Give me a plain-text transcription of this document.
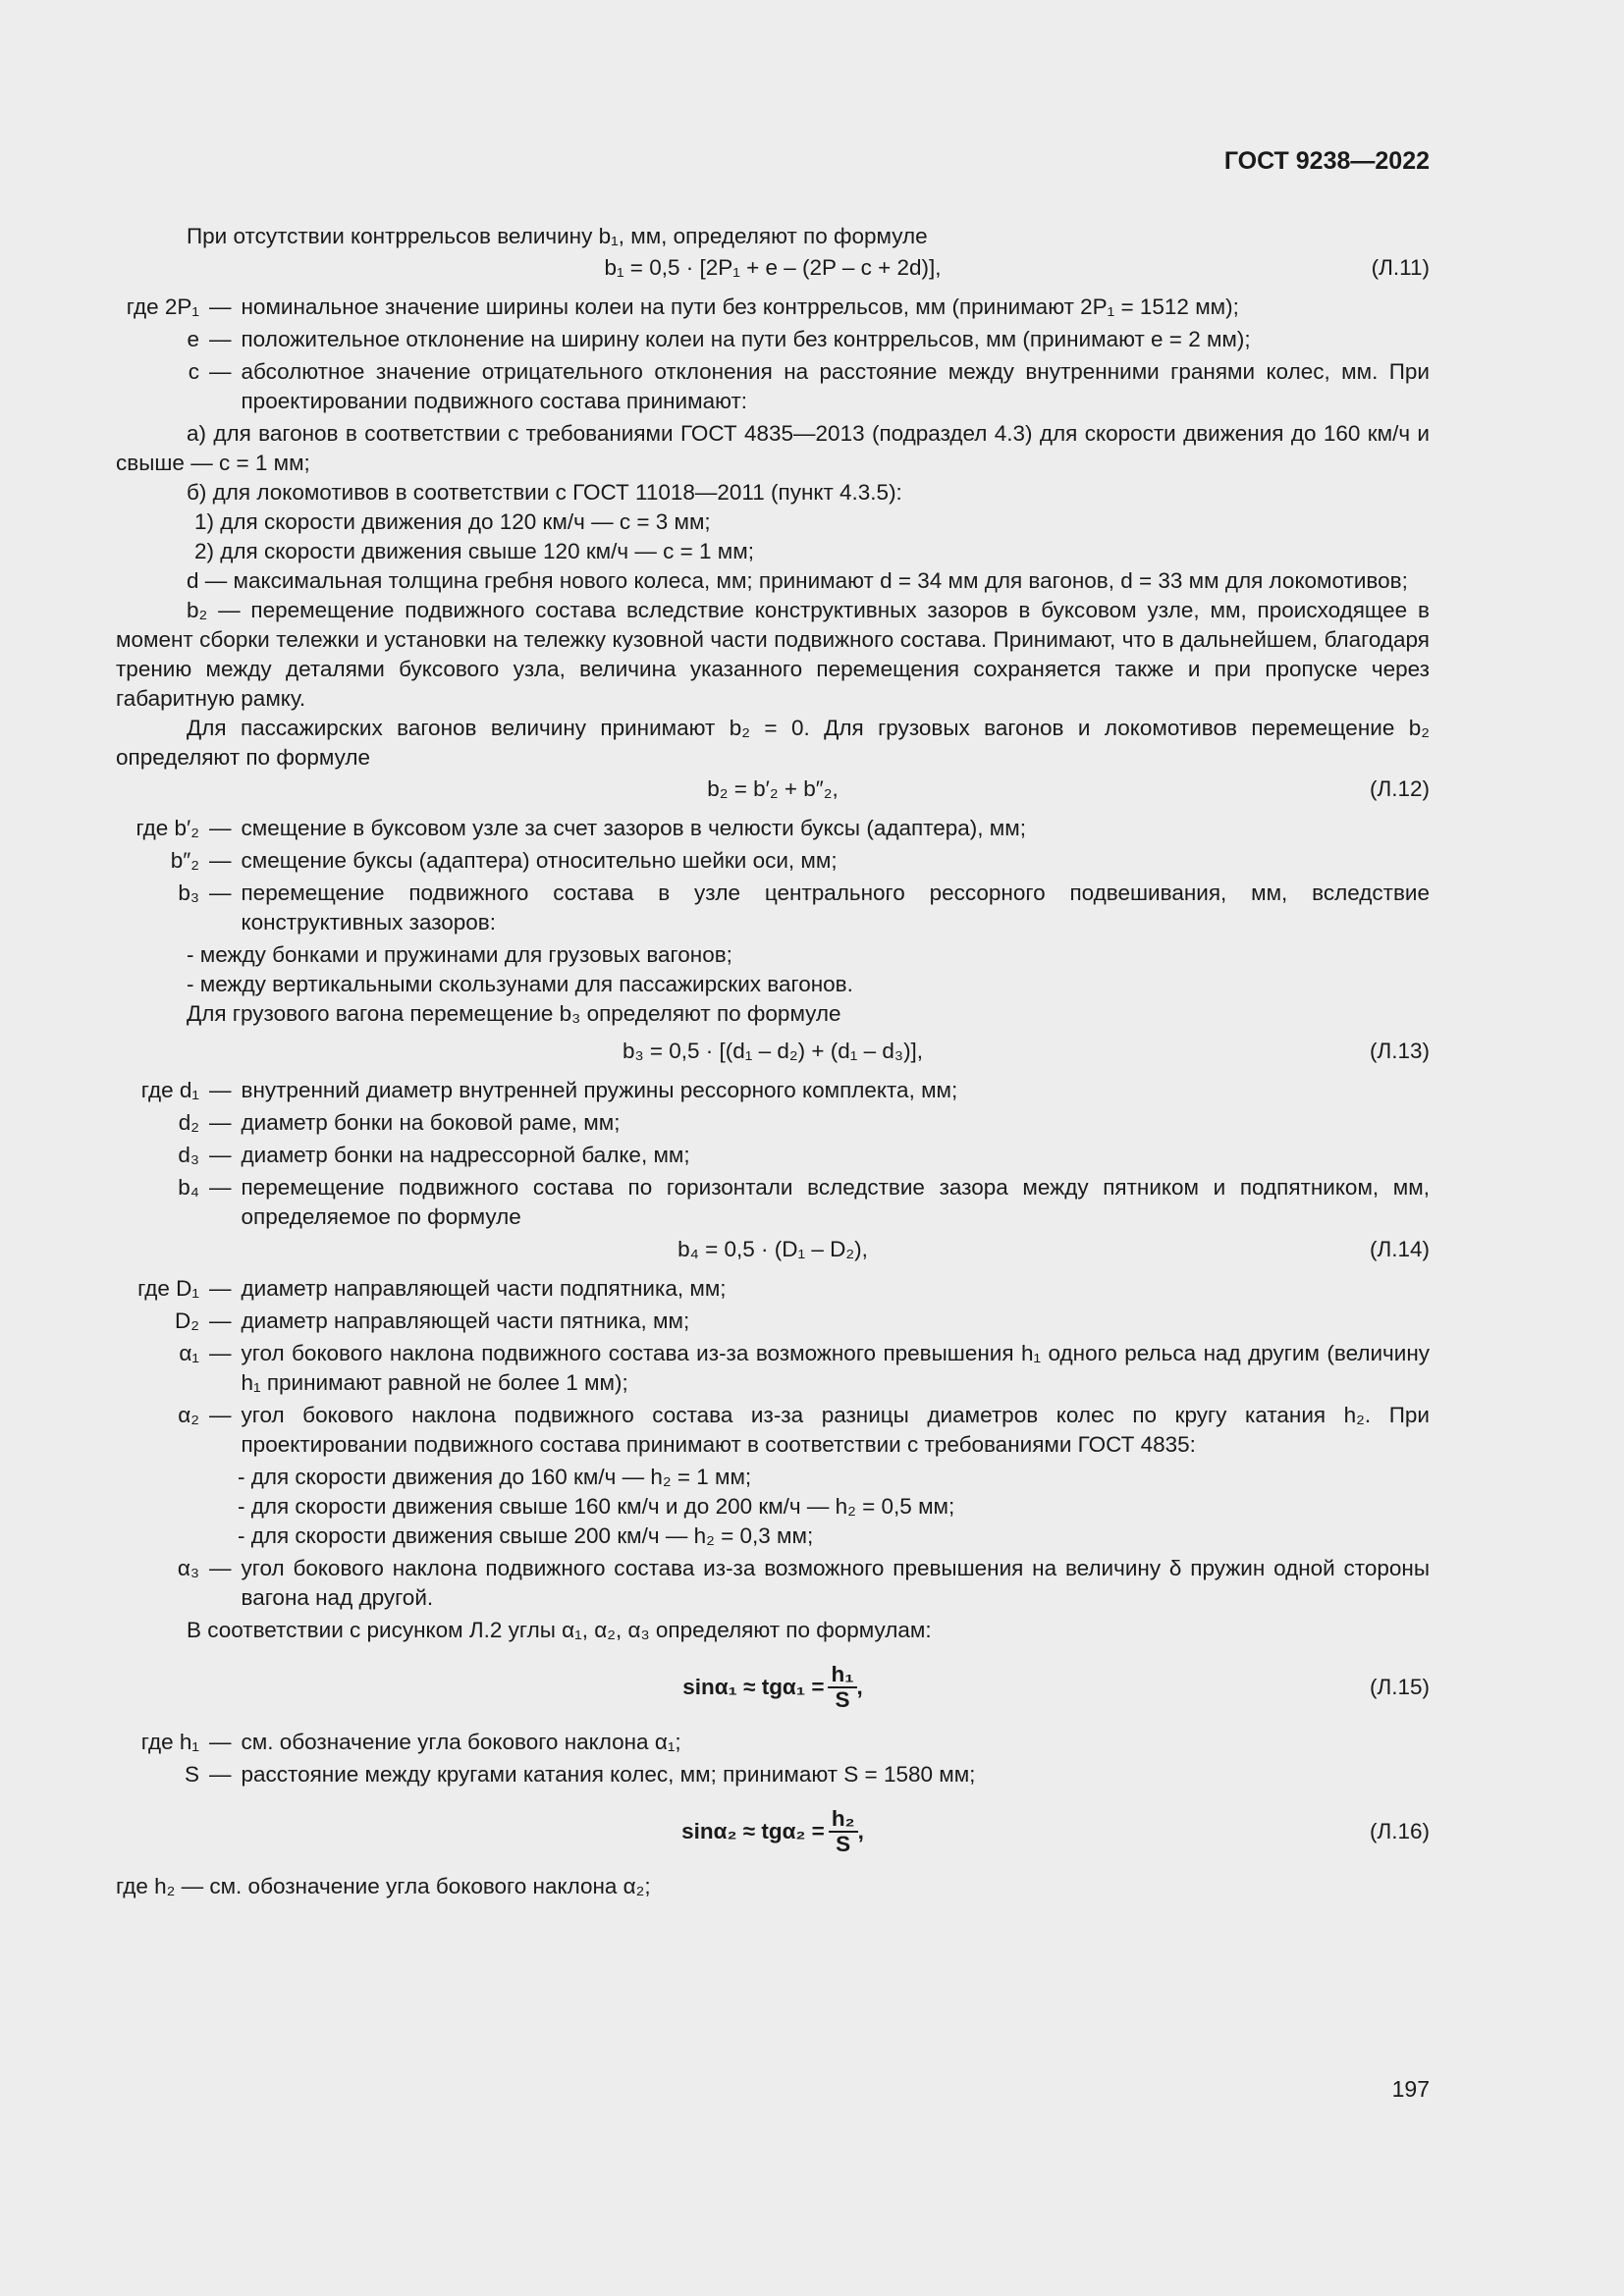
ГОСТ 9238—2022

При отсутствии контррельсов величину b₁, мм, определяют по формуле

b₁ = 0,5 · [2P₁ + e – (2P – c + 2d)],	(Л.11)
где 2P₁ — номинальное значение ширины колеи на пути без контррельсов, мм (принимают 2P₁ = 1512 мм);
e — положительное отклонение на ширину колеи на пути без контррельсов, мм (принимают e = 2 мм);
c — абсолютное значение отрицательного отклонения на расстояние между внутренними гранями колес, мм. При проектировании подвижного состава принимают:

а) для вагонов в соответствии с требованиями ГОСТ 4835—2013 (подраздел 4.3) для скорости движения до 160 км/ч и свыше — c = 1 мм;

б) для локомотивов в соответствии с ГОСТ 11018—2011 (пункт 4.3.5):

1) для скорости движения до 120 км/ч — c = 3 мм;

2) для скорости движения свыше 120 км/ч — c = 1 мм;

d — максимальная толщина гребня нового колеса, мм; принимают d = 34 мм для вагонов, d = 33 мм для локомотивов;

b₂ — перемещение подвижного состава вследствие конструктивных зазоров в буксовом узле, мм, происходящее в момент сборки тележки и установки на тележку кузовной части подвижного состава. Принимают, что в дальнейшем, благодаря трению между деталями буксового узла, величина указанного перемещения сохраняется также и при пропуске через габаритную рамку.

Для пассажирских вагонов величину принимают b₂ = 0. Для грузовых вагонов и локомотивов перемещение b₂ определяют по формуле

b₂ = b′₂ + b″₂,	(Л.12)
где b′₂ — смещение в буксовом узле за счет зазоров в челюсти буксы (адаптера), мм;
b″₂ — смещение буксы (адаптера) относительно шейки оси, мм;
b₃ — перемещение подвижного состава в узле центрального рессорного подвешивания, мм, вследствие конструктивных зазоров:

- между бонками и пружинами для грузовых вагонов;

- между вертикальными скользунами для пассажирских вагонов.

Для грузового вагона перемещение b₃ определяют по формуле

b₃ = 0,5 · [(d₁ – d₂) + (d₁ – d₃)],	(Л.13)
где d₁ — внутренний диаметр внутренней пружины рессорного комплекта, мм;
d₂ — диаметр бонки на боковой раме, мм;
d₃ — диаметр бонки на надрессорной балке, мм;
b₄ — перемещение подвижного состава по горизонтали вследствие зазора между пятником и подпятником, мм, определяемое по формуле
b₄ = 0,5 · (D₁ – D₂),	(Л.14)
где D₁ — диаметр направляющей части подпятника, мм;
D₂ — диаметр направляющей части пятника, мм;
α₁ — угол бокового наклона подвижного состава из-за возможного превышения h₁ одного рельса над другим (величину h₁ принимают равной не более 1 мм);
α₂ — угол бокового наклона подвижного состава из-за разницы диаметров колес по кругу катания h₂. При проектировании подвижного состава принимают в соответствии с требованиями ГОСТ 4835:

- для скорости движения до 160 км/ч — h₂ = 1 мм;

- для скорости движения свыше 160 км/ч и до 200 км/ч — h₂ = 0,5 мм;

- для скорости движения свыше 200 км/ч — h₂ = 0,3 мм;

α₃ — угол бокового наклона подвижного состава из-за возможного превышения на величину δ пружин одной стороны вагона над другой.

В соответствии с рисунком Л.2 углы α₁, α₂, α₃ определяют по формулам:

$\sin\alpha_1 \approx tg\alpha_1 = \frac{\text{h₁}}{S}$ ,	(Л.15)
где h₁ — см. обозначение угла бокового наклона α₁;
S — расстояние между кругами катания колес, мм; принимают S = 1580 мм;
$\sin\alpha_2 \approx tg\alpha_2 = \frac{\text{h₂}}{S}$ ,	(Л.16)

где h₂ — см. обозначение угла бокового наклона α₂;

197
